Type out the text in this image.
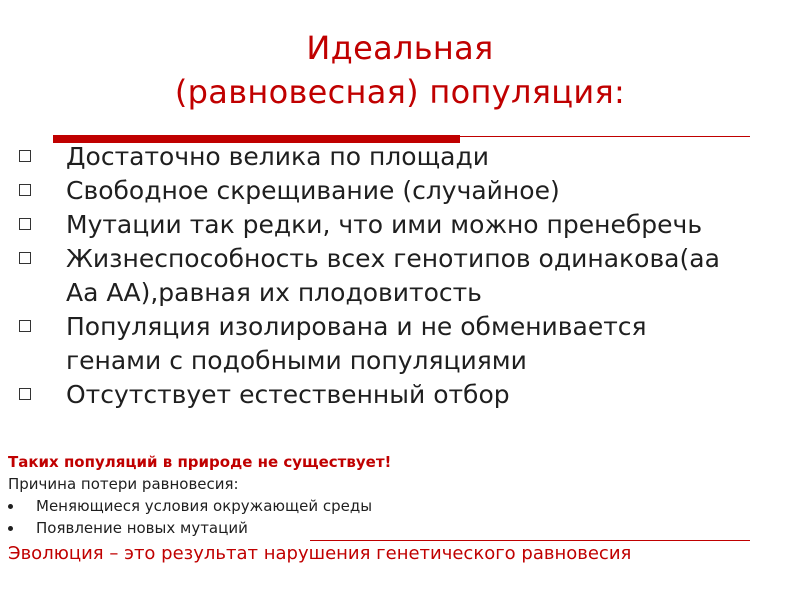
Идеальная
(равновесная) популяция:
Достаточно велика по площади
Свободное скрещивание (случайное)
Мутации так редки, что ими можно пренебречь
Жизнеспособность всех генотипов одинакова(аа
Аа АА),равная их плодовитость
Популяция изолирована и не обменивается
генами с подобными популяциями
Отсутствует естественный отбор
Таких популяций в природе не существует!
Причина потери равновесия:
Меняющиеся условия окружающей среды
Появление новых мутаций
Эволюция – это результат нарушения генетического равновесия
